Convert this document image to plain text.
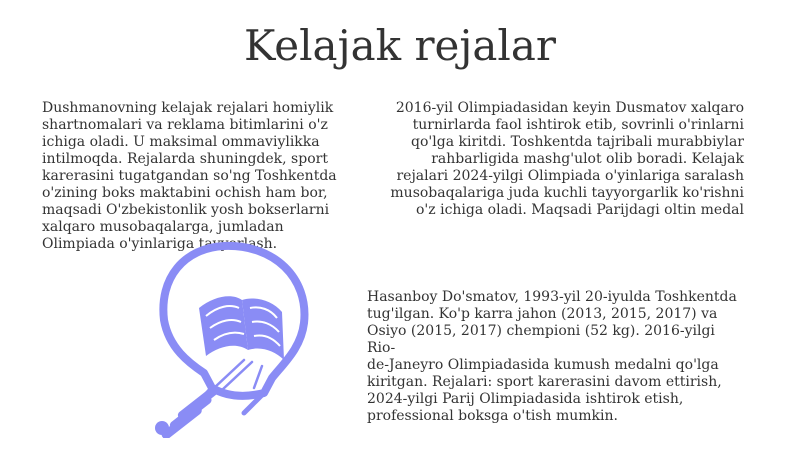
Kelajak rejalar
Dushmanovning kelajak rejalari homiylik
shartnomalari va reklama bitimlarini o'z
ichiga oladi. U maksimal ommaviylikka
intilmoqda. Rejalarda shuningdek, sport
karerasini tugatgandan so'ng Toshkentda
o'zining boks maktabini ochish ham bor,
maqsadi O'zbekistonlik yosh bokserlarni
xalqaro musobaqalarga, jumladan
Olimpiada o'yinlariga tayyorlash.
2016-yil Olimpiadasidan keyin Dusmatov xalqaro
turnirlarda faol ishtirok etib, sovrinli o'rinlarni
qo'lga kiritdi. Toshkentda tajribali murabbiylar
rahbarligida mashg'ulot olib boradi. Kelajak
rejalari 2024-yilgi Olimpiada o'yinlariga saralash
musobaqalariga juda kuchli tayyorgarlik ko'rishni
o'z ichiga oladi. Maqsadi Parijdagi oltin medal
Hasanboy Do'smatov, 1993-yil 20-iyulda Toshkentda
tug'ilgan. Ko'p karra jahon (2013, 2015, 2017) va
Osiyo (2015, 2017) chempioni (52 kg). 2016-yilgi Rio-
de-Janeyro Olimpiadasida kumush medalni qo'lga
kiritgan. Rejalari: sport karerasini davom ettirish,
2024-yilgi Parij Olimpiadasida ishtirok etish,
professional boksga o'tish mumkin.
